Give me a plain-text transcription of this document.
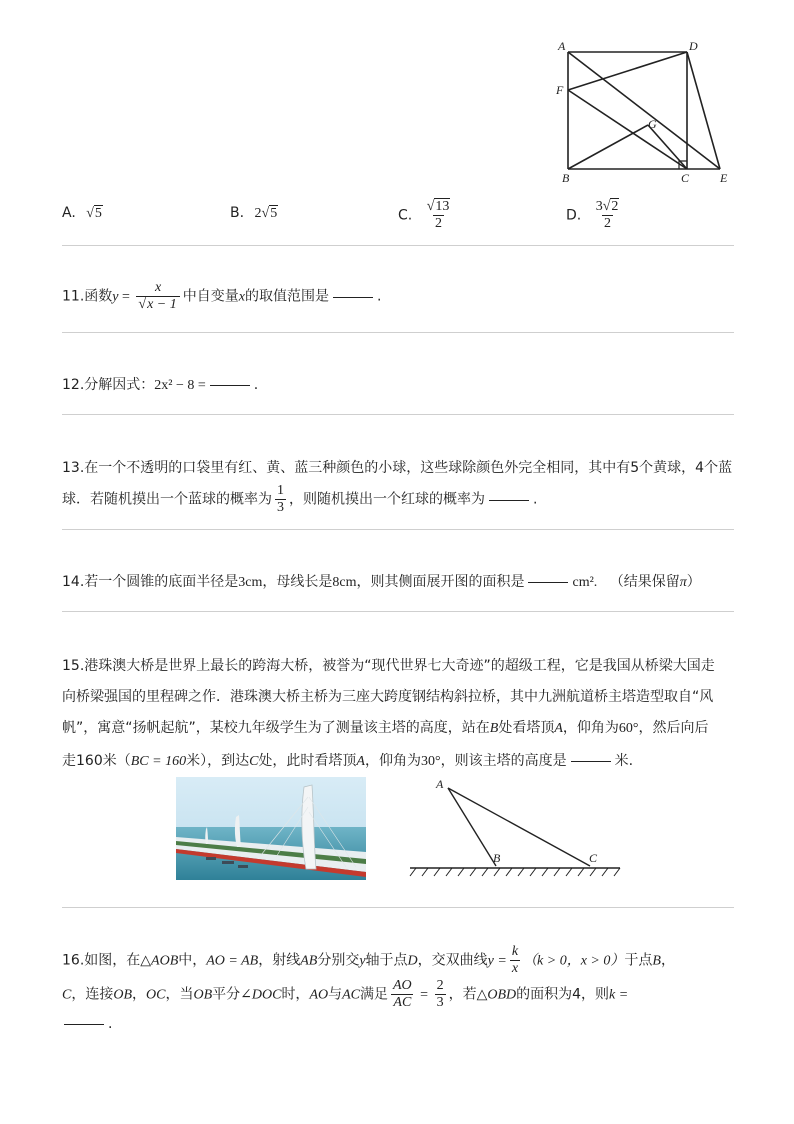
A	D
F
G
B	C	E
A. √5	B. 2√5	C. $\frac{√13}{2}$	D. $\frac{3√2}{2}$
11.函数$y = \frac{x}{√x - 1}$ 中自变量x的取值范围是	.
12.分解因式：2x² − 8 =	.
13.在一个不透明的口袋里有红、黄、蓝三种颜色的小球，这些球除颜色外完全相同，其中有5个黄球，4个蓝
球．若随机摸出一个蓝球的概率为 $\frac{1}{3}$ ，则随机摸出一个红球的概率为	.
14.若一个圆锥的底面半径是3cm，母线长是8cm，则其侧面展开图的面积是	cm². （结果保留π）
15.港珠澳大桥是世界上最长的跨海大桥，被誉为“现代世界七大奇迹”的超级工程，它是我国从桥梁大国走
向桥梁强国的里程碑之作．港珠澳大桥主桥为三座大跨度钢结构斜拉桥，其中九洲航道桥主塔造型取自“风
帆”，寓意“扬帆起航”，某校九年级学生为了测量该主塔的高度，站在B处看塔顶A，仰角为60°，然后向后
走160米（BC = 160米），到达C处，此时看塔顶A，仰角为30°，则该主塔的高度是	米.
A
B	C
16.如图，在△AOB中，AO = AB，射线AB分别交y轴于点D，交双曲线$y = \frac{k}{x} (k > 0$，x > 0）于点B，
C，连接OB，OC，当OB平分∠DOC时，AO与AC满足 $\frac{AO}{AC} = \frac{2}{3}$ ，若△OBD的面积为4，则k =
.
